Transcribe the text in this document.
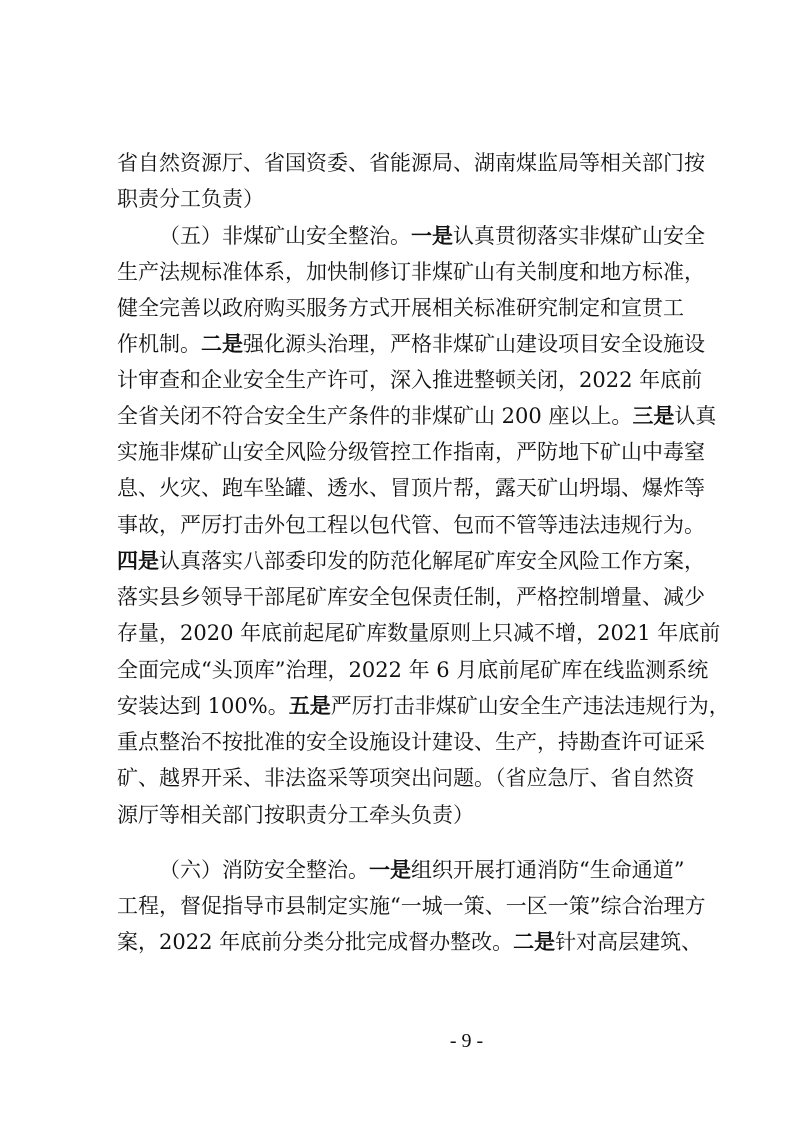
省自然资源厅、省国资委、省能源局、湖南煤监局等相关部门按
职责分工负责）
（五）非煤矿山安全整治。一是认真贯彻落实非煤矿山安全
生产法规标准体系，加快制修订非煤矿山有关制度和地方标准，
健全完善以政府购买服务方式开展相关标准研究制定和宣贯工
作机制。二是强化源头治理，严格非煤矿山建设项目安全设施设
计审查和企业安全生产许可，深入推进整顿关闭，2022 年底前
全省关闭不符合安全生产条件的非煤矿山 200 座以上。三是认真
实施非煤矿山安全风险分级管控工作指南，严防地下矿山中毒窒
息、火灾、跑车坠罐、透水、冒顶片帮，露天矿山坍塌、爆炸等
事故，严厉打击外包工程以包代管、包而不管等违法违规行为。
四是认真落实八部委印发的防范化解尾矿库安全风险工作方案，
落实县乡领导干部尾矿库安全包保责任制，严格控制增量、减少
存量，2020 年底前起尾矿库数量原则上只减不增，2021 年底前
全面完成“头顶库”治理，2022 年 6 月底前尾矿库在线监测系统
安装达到 100%。五是严厉打击非煤矿山安全生产违法违规行为，
重点整治不按批准的安全设施设计建设、生产，持勘查许可证采
矿、越界开采、非法盗采等项突出问题。（省应急厅、省自然资
源厅等相关部门按职责分工牵头负责）
（六）消防安全整治。一是组织开展打通消防“生命通道”
工程，督促指导市县制定实施“一城一策、一区一策”综合治理方
案，2022 年底前分类分批完成督办整改。二是针对高层建筑、
- 9 -
